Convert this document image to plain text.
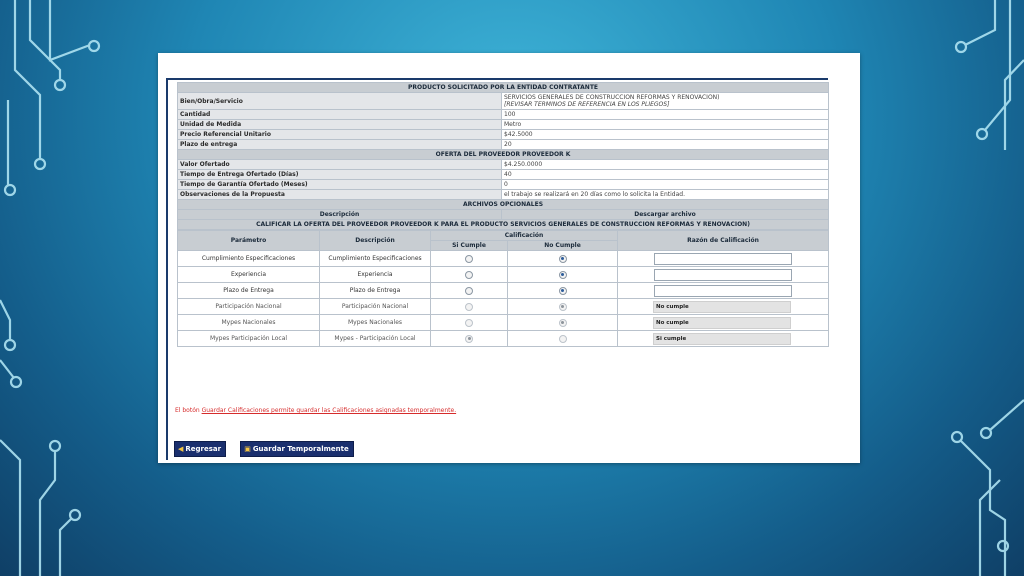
PRODUCTO SOLICITADO POR LA ENTIDAD CONTRATANTE	
Bien/Obra/Servicio	SERVICIOS GENERALES DE CONSTRUCCION REFORMAS Y RENOVACION)
[REVISAR TERMINOS DE REFERENCIA EN LOS PLIEGOS]

Cantidad	100
Unidad de Medida	Metro
Precio Referencial Unitario	$42.5000
Plazo de entrega	20
OFERTA DEL PROVEEDOR PROVEEDOR K	
Valor Ofertado	$4.250.0000
Tiempo de Entrega Ofertado (Días)	40
Tiempo de Garantía Ofertado (Meses)	0
Observaciones de la Propuesta	el trabajo se realizará en 20 días como lo solicita la Entidad.
ARCHIVOS OPCIONALES	
Descripción	Descargar archivo
CALIFICAR LA OFERTA DEL PROVEEDOR PROVEEDOR K PARA EL PRODUCTO SERVICIOS GENERALES DE CONSTRUCCION REFORMAS Y RENOVACION)	
Parámetro	Descripción	Calificación		Razón de Calificación
		Si Cumple	No Cumple	
Cumplimiento Especificaciones	Cumplimiento Especificaciones			
Experiencia	Experiencia			
Plazo de Entrega	Plazo de Entrega			
Participación Nacional	Participación Nacional			No cumple

Mypes Nacionales	Mypes Nacionales			No cumple

Mypes Participación Local	Mypes - Participación Local			Si cumple
El botón Guardar Calificaciones permite guardar las Calificaciones asignadas temporalmente.
◀ Regresar	▣ Guardar Temporalmente
